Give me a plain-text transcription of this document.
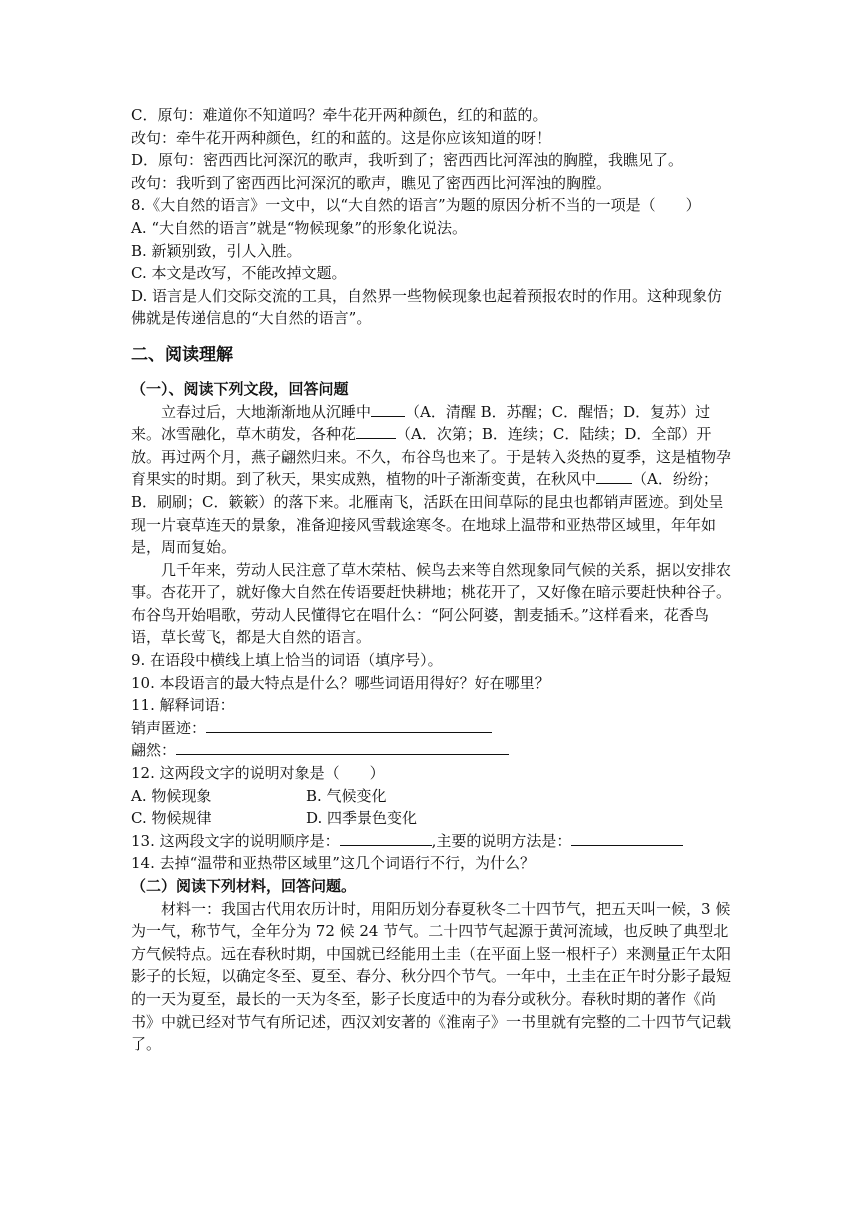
C．原句：难道你不知道吗？牵牛花开两种颜色，红的和蓝的。

改句：牵牛花开两种颜色，红的和蓝的。这是你应该知道的呀！

D．原句：密西西比河深沉的歌声，我听到了；密西西比河浑浊的胸膛，我瞧见了。

改句：我听到了密西西比河深沉的歌声，瞧见了密西西比河浑浊的胸膛。

8.《大自然的语言》一文中，以“大自然的语言”为题的原因分析不当的一项是（　　）

A. “大自然的语言”就是“物候现象”的形象化说法。

B. 新颖别致，引人入胜。

C. 本文是改写，不能改掉文题。

D. 语言是人们交际交流的工具，自然界一些物候现象也起着预报农时的作用。这种现象仿佛就是传递信息的“大自然的语言”。

二、阅读理解

（一）、阅读下列文段，回答问题

立春过后，大地渐渐地从沉睡中 （A．清醒 B．苏醒；C．醒悟；D．复苏）过来。冰雪融化，草木萌发，各种花	（A．次第；B．连续；C．陆续；D．全部）开放。再过两个月，燕子翩然归来。不久，布谷鸟也来了。于是转入炎热的夏季，这是植物孕育果实的时期。到了秋天，果实成熟，植物的叶子渐渐变黄，在秋风中 （A．纷纷；B．刷刷；C．簌簌）的落下来。北雁南飞，活跃在田间草际的昆虫也都销声匿迹。到处呈现一片衰草连天的景象，准备迎接风雪载途寒冬。在地球上温带和亚热带区域里，年年如是，周而复始。

几千年来，劳动人民注意了草木荣枯、候鸟去来等自然现象同气候的关系，据以安排农事。杏花开了，就好像大自然在传语要赶快耕地；桃花开了，又好像在暗示要赶快种谷子。布谷鸟开始唱歌，劳动人民懂得它在唱什么：“阿公阿婆，割麦插禾。”这样看来，花香鸟语，草长莺飞，都是大自然的语言。

9. 在语段中横线上填上恰当的词语（填序号）。

10. 本段语言的最大特点是什么？哪些词语用得好？好在哪里？

11. 解释词语：

销声匿迹：

翩然：

12. 这两段文字的说明对象是（　　）

A. 物候现象	B. 气候变化
C. 物候规律	D. 四季景色变化

13. 这两段文字的说明顺序是：	,主要的说明方法是：

14. 去掉“温带和亚热带区域里”这几个词语行不行，为什么？

（二）阅读下列材料，回答问题。

材料一：我国古代用农历计时，用阳历划分春夏秋冬二十四节气，把五天叫一候，3 候为一气，称节气，全年分为 72 候 24 节气。二十四节气起源于黄河流域，也反映了典型北方气候特点。远在春秋时期，中国就已经能用土圭（在平面上竖一根杆子）来测量正午太阳影子的长短，以确定冬至、夏至、春分、秋分四个节气。一年中，土圭在正午时分影子最短的一天为夏至，最长的一天为冬至，影子长度适中的为春分或秋分。春秋时期的著作《尚书》中就已经对节气有所记述，西汉刘安著的《淮南子》一书里就有完整的二十四节气记载了。
